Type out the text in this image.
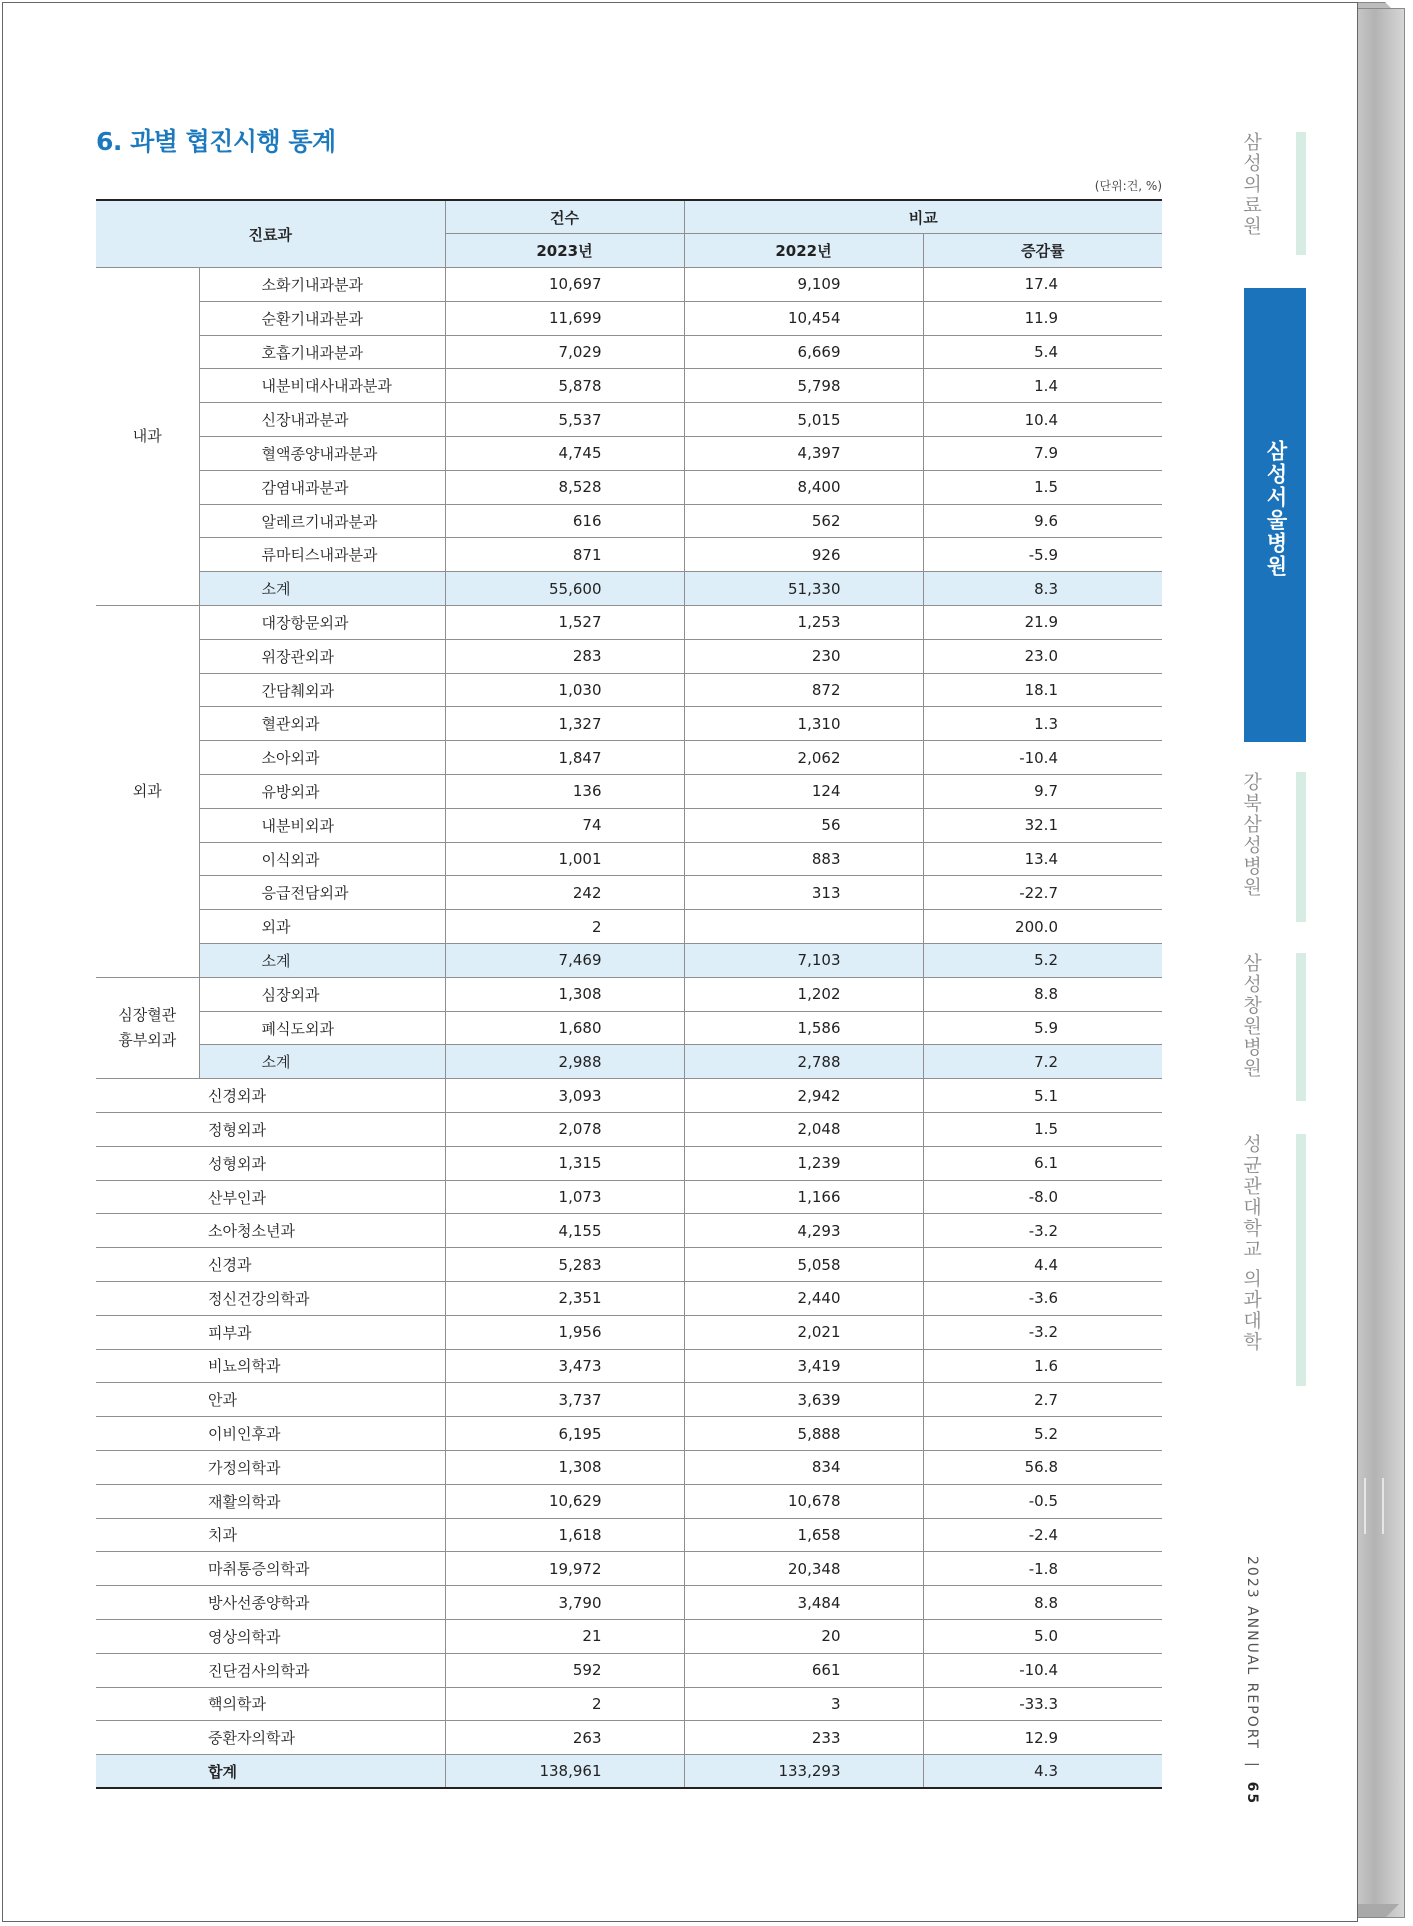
6. 과별 협진시행 통계
(단위:건, %)
진료과		건수	비교	
		2023년	2022년	증감률
내과	소화기내과분과	10,697	9,109	17.4
	순환기내과분과	11,699	10,454	11.9
	호흡기내과분과	7,029	6,669	5.4
	내분비대사내과분과	5,878	5,798	1.4
	신장내과분과	5,537	5,015	10.4
	혈액종양내과분과	4,745	4,397	7.9
	감염내과분과	8,528	8,400	1.5
	알레르기내과분과	616	562	9.6
	류마티스내과분과	871	926	-5.9
	소계	55,600	51,330	8.3
외과	대장항문외과	1,527	1,253	21.9
	위장관외과	283	230	23.0
	간담췌외과	1,030	872	18.1
	혈관외과	1,327	1,310	1.3
	소아외과	1,847	2,062	-10.4
	유방외과	136	124	9.7
	내분비외과	74	56	32.1
	이식외과	1,001	883	13.4
	응급전담외과	242	313	-22.7
	외과	2		200.0
	소계	7,469	7,103	5.2

심장혈관
흉부외과	심장외과	1,308	1,202	8.8
	폐식도외과	1,680	1,586	5.9
	소계	2,988	2,788	7.2
신경외과		3,093	2,942	5.1
정형외과		2,078	2,048	1.5
성형외과		1,315	1,239	6.1
산부인과		1,073	1,166	-8.0
소아청소년과		4,155	4,293	-3.2
신경과		5,283	5,058	4.4
정신건강의학과		2,351	2,440	-3.6
피부과		1,956	2,021	-3.2
비뇨의학과		3,473	3,419	1.6
안과		3,737	3,639	2.7
이비인후과		6,195	5,888	5.2
가정의학과		1,308	834	56.8
재활의학과		10,629	10,678	-0.5
치과		1,618	1,658	-2.4
마취통증의학과		19,972	20,348	-1.8
방사선종양학과		3,790	3,484	8.8
영상의학과		21	20	5.0
진단검사의학과		592	661	-10.4
핵의학과		2	3	-33.3
중환자의학과		263	233	12.9
합계		138,961	133,293	4.3
삼성의료원
삼성서울병원
강북삼성병원
삼성창원병원
성균관대학교 의과대학
2023 ANNUAL REPORT | 65
